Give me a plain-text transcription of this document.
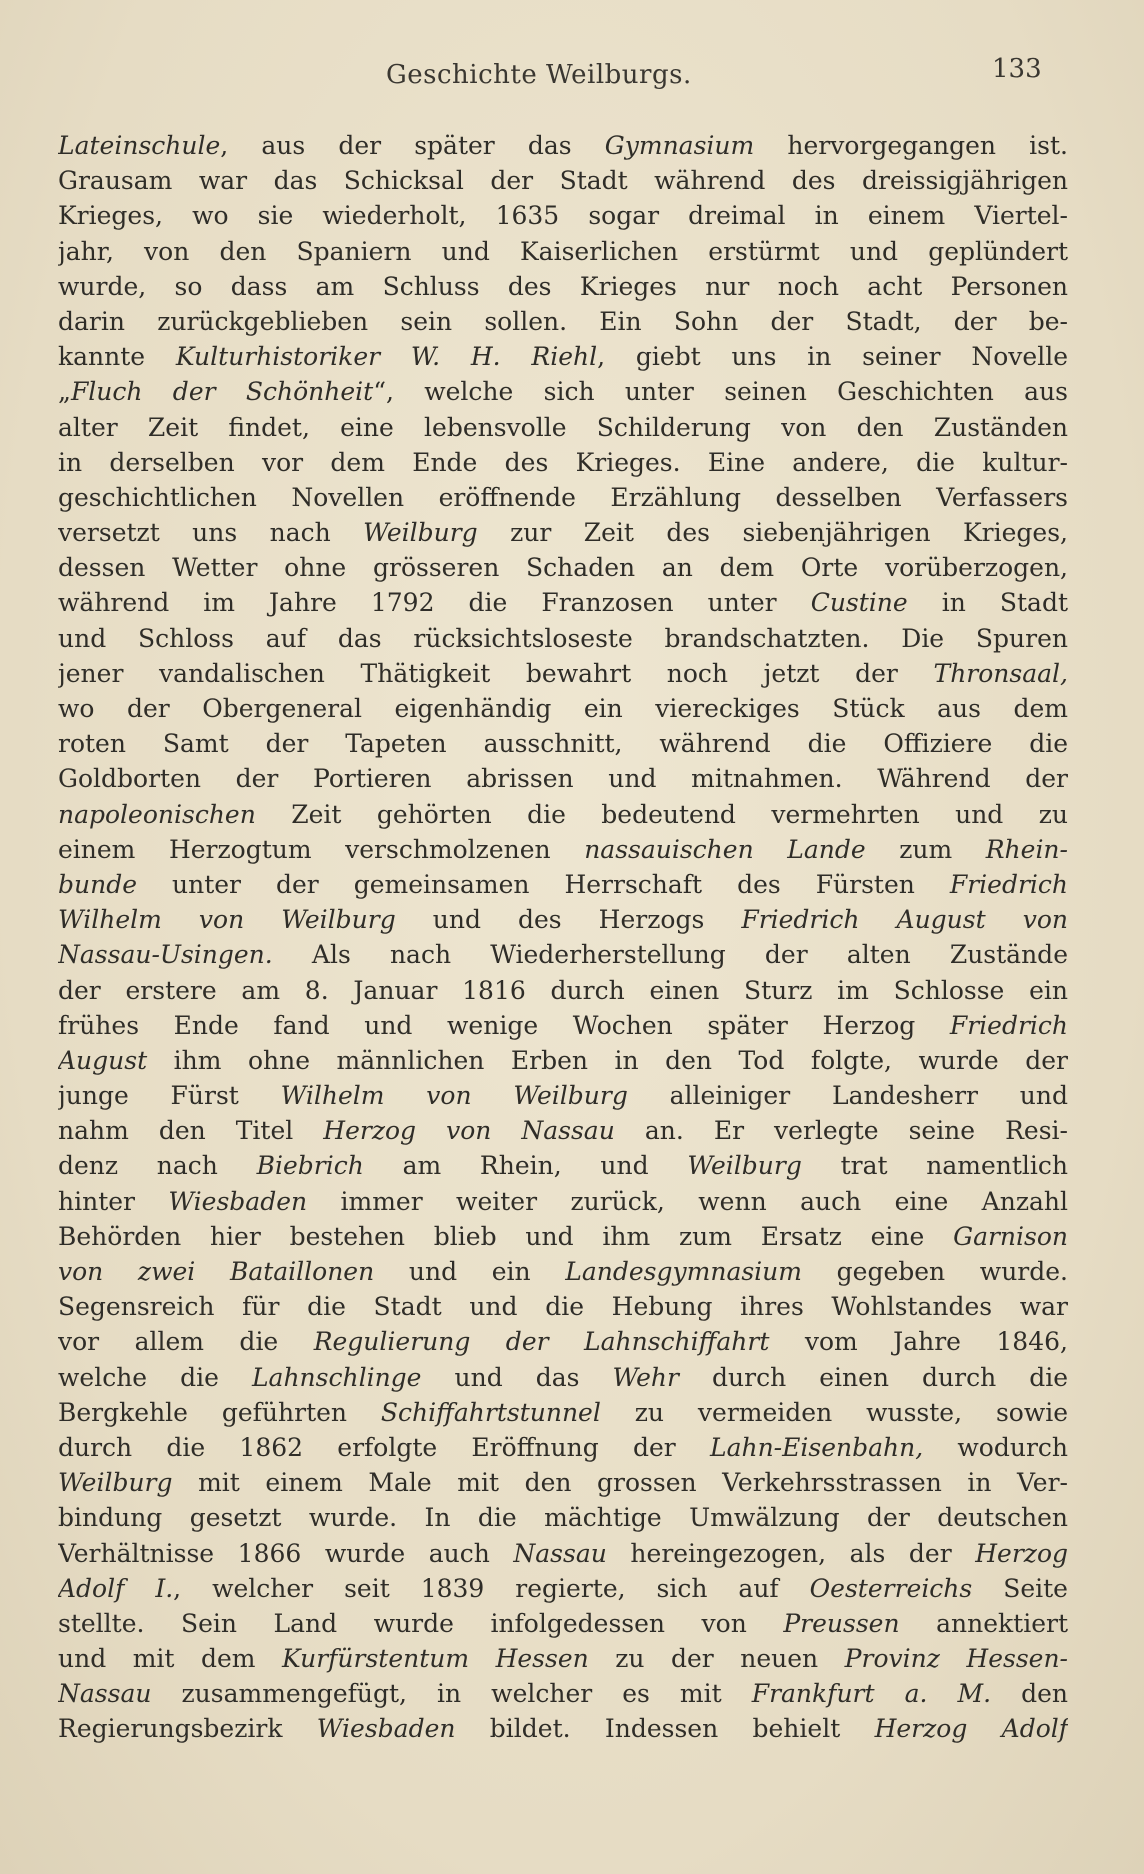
Geschichte Weilburgs.	133
Lateinschule, aus der später das Gymnasium hervorgegangen ist.
Grausam war das Schicksal der Stadt während des dreissigjährigen
Krieges, wo sie wiederholt, 1635 sogar dreimal in einem Viertel-
jahr, von den Spaniern und Kaiserlichen erstürmt und geplündert
wurde, so dass am Schluss des Krieges nur noch acht Personen
darin zurückgeblieben sein sollen. Ein Sohn der Stadt, der be-
kannte Kulturhistoriker W. H. Riehl, giebt uns in seiner Novelle
„Fluch der Schönheit“, welche sich unter seinen Geschichten aus
alter Zeit findet, eine lebensvolle Schilderung von den Zuständen
in derselben vor dem Ende des Krieges. Eine andere, die kultur-
geschichtlichen Novellen eröffnende Erzählung desselben Verfassers
versetzt uns nach Weilburg zur Zeit des siebenjährigen Krieges,
dessen Wetter ohne grösseren Schaden an dem Orte vorüberzogen,
während im Jahre 1792 die Franzosen unter Custine in Stadt
und Schloss auf das rücksichtsloseste brandschatzten. Die Spuren
jener vandalischen Thätigkeit bewahrt noch jetzt der Thronsaal,
wo der Obergeneral eigenhändig ein viereckiges Stück aus dem
roten Samt der Tapeten ausschnitt, während die Offiziere die
Goldborten der Portieren abrissen und mitnahmen. Während der
napoleonischen Zeit gehörten die bedeutend vermehrten und zu
einem Herzogtum verschmolzenen nassauischen Lande zum Rhein-
bunde unter der gemeinsamen Herrschaft des Fürsten Friedrich
Wilhelm von Weilburg und des Herzogs Friedrich August von
Nassau-Usingen. Als nach Wiederherstellung der alten Zustände
der erstere am 8. Januar 1816 durch einen Sturz im Schlosse ein
frühes Ende fand und wenige Wochen später Herzog Friedrich
August ihm ohne männlichen Erben in den Tod folgte, wurde der
junge Fürst Wilhelm von Weilburg alleiniger Landesherr und
nahm den Titel Herzog von Nassau an. Er verlegte seine Resi-
denz nach Biebrich am Rhein, und Weilburg trat namentlich
hinter Wiesbaden immer weiter zurück, wenn auch eine Anzahl
Behörden hier bestehen blieb und ihm zum Ersatz eine Garnison
von zwei Bataillonen und ein Landesgymnasium gegeben wurde.
Segensreich für die Stadt und die Hebung ihres Wohlstandes war
vor allem die Regulierung der Lahnschiffahrt vom Jahre 1846,
welche die Lahnschlinge und das Wehr durch einen durch die
Bergkehle geführten Schiffahrtstunnel zu vermeiden wusste, sowie
durch die 1862 erfolgte Eröffnung der Lahn-Eisenbahn, wodurch
Weilburg mit einem Male mit den grossen Verkehrsstrassen in Ver-
bindung gesetzt wurde. In die mächtige Umwälzung der deutschen
Verhältnisse 1866 wurde auch Nassau hereingezogen, als der Herzog
Adolf I., welcher seit 1839 regierte, sich auf Oesterreichs Seite
stellte. Sein Land wurde infolgedessen von Preussen annektiert
und mit dem Kurfürstentum Hessen zu der neuen Provinz Hessen-
Nassau zusammengefügt, in welcher es mit Frankfurt a. M. den
Regierungsbezirk Wiesbaden bildet. Indessen behielt Herzog Adolf
